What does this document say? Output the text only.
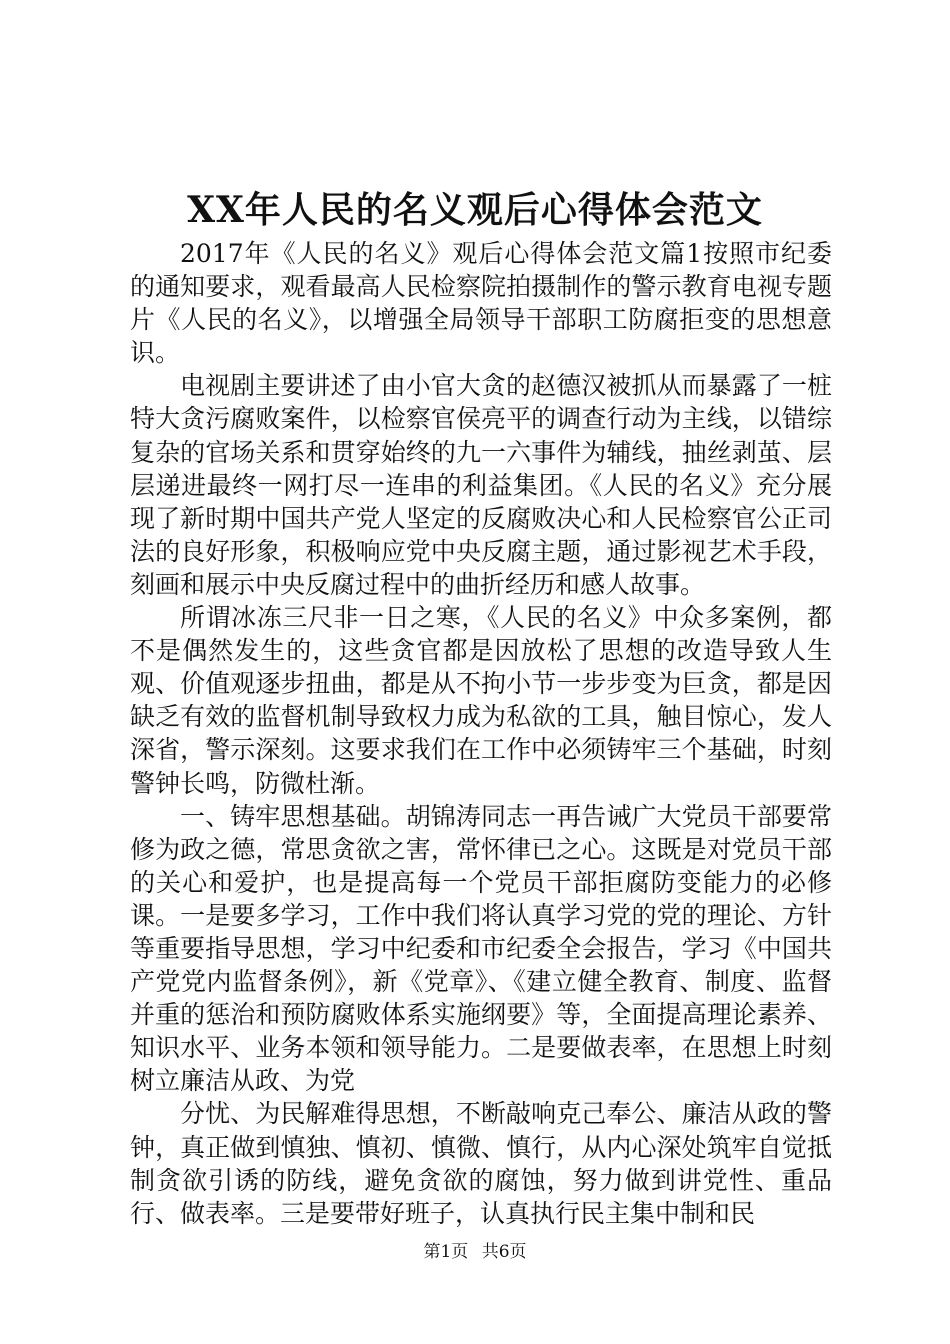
XX年人民的名义观后心得体会范文

2017年《人民的名义》观后心得体会范文篇1按照市纪委的通知要求，观看最高人民检察院拍摄制作的警示教育电视专题片《人民的名义》，以增强全局领导干部职工防腐拒变的思想意识。

电视剧主要讲述了由小官大贪的赵德汉被抓从而暴露了一桩特大贪污腐败案件，以检察官侯亮平的调查行动为主线，以错综复杂的官场关系和贯穿始终的九一六事件为辅线，抽丝剥茧、层层递进最终一网打尽一连串的利益集团。《人民的名义》充分展现了新时期中国共产党人坚定的反腐败决心和人民检察官公正司法的良好形象，积极响应党中央反腐主题，通过影视艺术手段，刻画和展示中央反腐过程中的曲折经历和感人故事。

所谓冰冻三尺非一日之寒，《人民的名义》中众多案例，都不是偶然发生的，这些贪官都是因放松了思想的改造导致人生观、价值观逐步扭曲，都是从不拘小节一步步变为巨贪，都是因缺乏有效的监督机制导致权力成为私欲的工具，触目惊心，发人深省，警示深刻。这要求我们在工作中必须铸牢三个基础，时刻警钟长鸣，防微杜渐。

一、铸牢思想基础。胡锦涛同志一再告诫广大党员干部要常修为政之德，常思贪欲之害，常怀律已之心。这既是对党员干部的关心和爱护，也是提高每一个党员干部拒腐防变能力的必修课。一是要多学习，工作中我们将认真学习党的党的理论、方针等重要指导思想，学习中纪委和市纪委全会报告，学习《中国共产党党内监督条例》，新《党章》、《建立健全教育、制度、监督并重的惩治和预防腐败体系实施纲要》等，全面提高理论素养、知识水平、业务本领和领导能力。二是要做表率，在思想上时刻树立廉洁从政、为党

分忧、为民解难得思想，不断敲响克己奉公、廉洁从政的警钟，真正做到慎独、慎初、慎微、慎行，从内心深处筑牢自觉抵制贪欲引诱的防线，避免贪欲的腐蚀，努力做到讲党性、重品行、做表率。三是要带好班子，认真执行民主集中制和民

第1页 共6页
